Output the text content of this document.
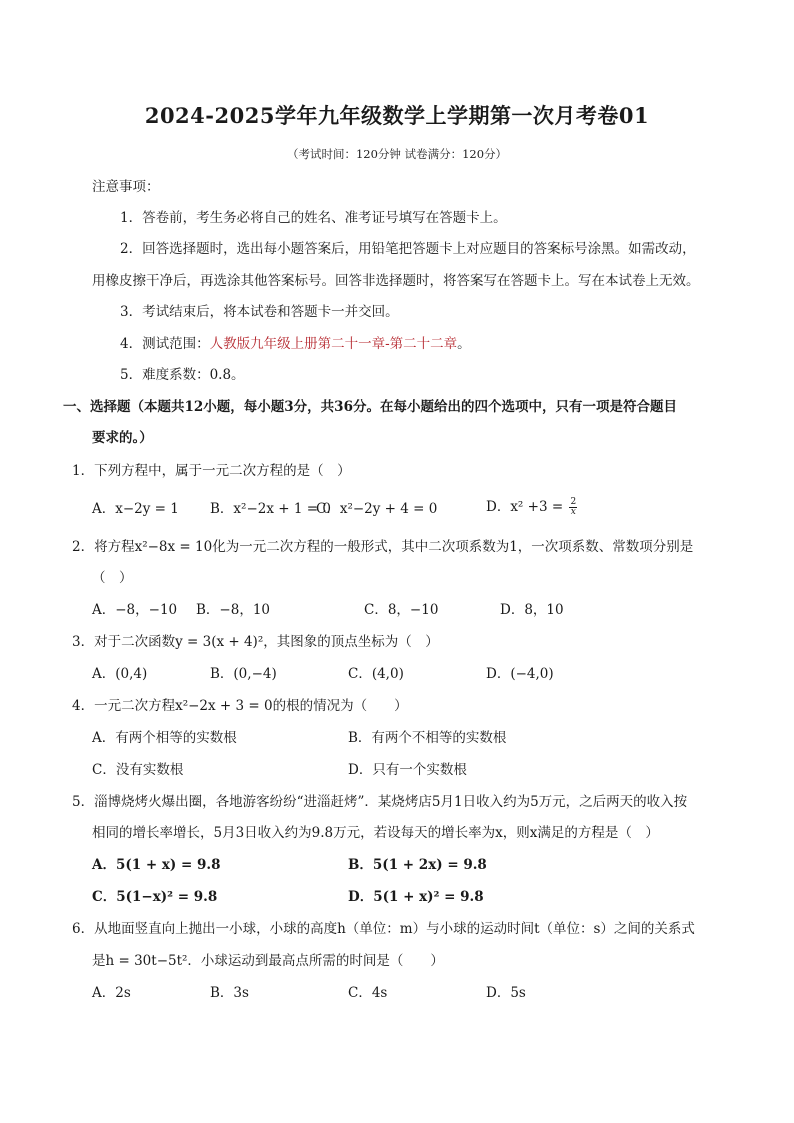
2024-2025学年九年级数学上学期第一次月考卷01
（考试时间：120分钟 试卷满分：120分）
注意事项：
1．答卷前，考生务必将自己的姓名、准考证号填写在答题卡上。
2．回答选择题时，选出每小题答案后，用铅笔把答题卡上对应题目的答案标号涂黑。如需改动，
用橡皮擦干净后，再选涂其他答案标号。回答非选择题时，将答案写在答题卡上。写在本试卷上无效。
3．考试结束后，将本试卷和答题卡一并交回。
4．测试范围：人教版九年级上册第二十一章-第二十二章。
5．难度系数：0.8。
一、选择题（本题共12小题，每小题3分，共36分。在每小题给出的四个选项中，只有一项是符合题目
要求的。）
1．下列方程中，属于一元二次方程的是（　）
A．x−2y = 1 B．x²−2x + 1 = 0
C．x²−2y + 4 = 0	D．$x^2 +3 = \frac{2}{x}$
2．将方程x²−8x = 10化为一元二次方程的一般形式，其中二次项系数为1，一次项系数、常数项分别是
（　）
A．−8，−10 B．−8，10	C．8，−10	D．8，10
3．对于二次函数y = 3(x + 4)²，其图象的顶点坐标为（　）
A．(0,4)	B．(0,−4)	C．(4,0)	D．(−4,0)
4．一元二次方程x²−2x + 3 = 0的根的情况为（　　）
A．有两个相等的实数根	B．有两个不相等的实数根
C．没有实数根	D．只有一个实数根
5．淄博烧烤火爆出圈，各地游客纷纷“进淄赶烤”．某烧烤店5月1日收入约为5万元，之后两天的收入按
相同的增长率增长，5月3日收入约为9.8万元，若设每天的增长率为x，则x满足的方程是（　）
A．5(1 + x) = 9.8	B．5(1 + 2x) = 9.8
C．5(1−x)² = 9.8	D．5(1 + x)² = 9.8
6．从地面竖直向上抛出一小球，小球的高度h（单位：m）与小球的运动时间t（单位：s）之间的关系式
是h = 30t−5t²．小球运动到最高点所需的时间是（　　）
A．2s	B．3s	C．4s	D．5s
